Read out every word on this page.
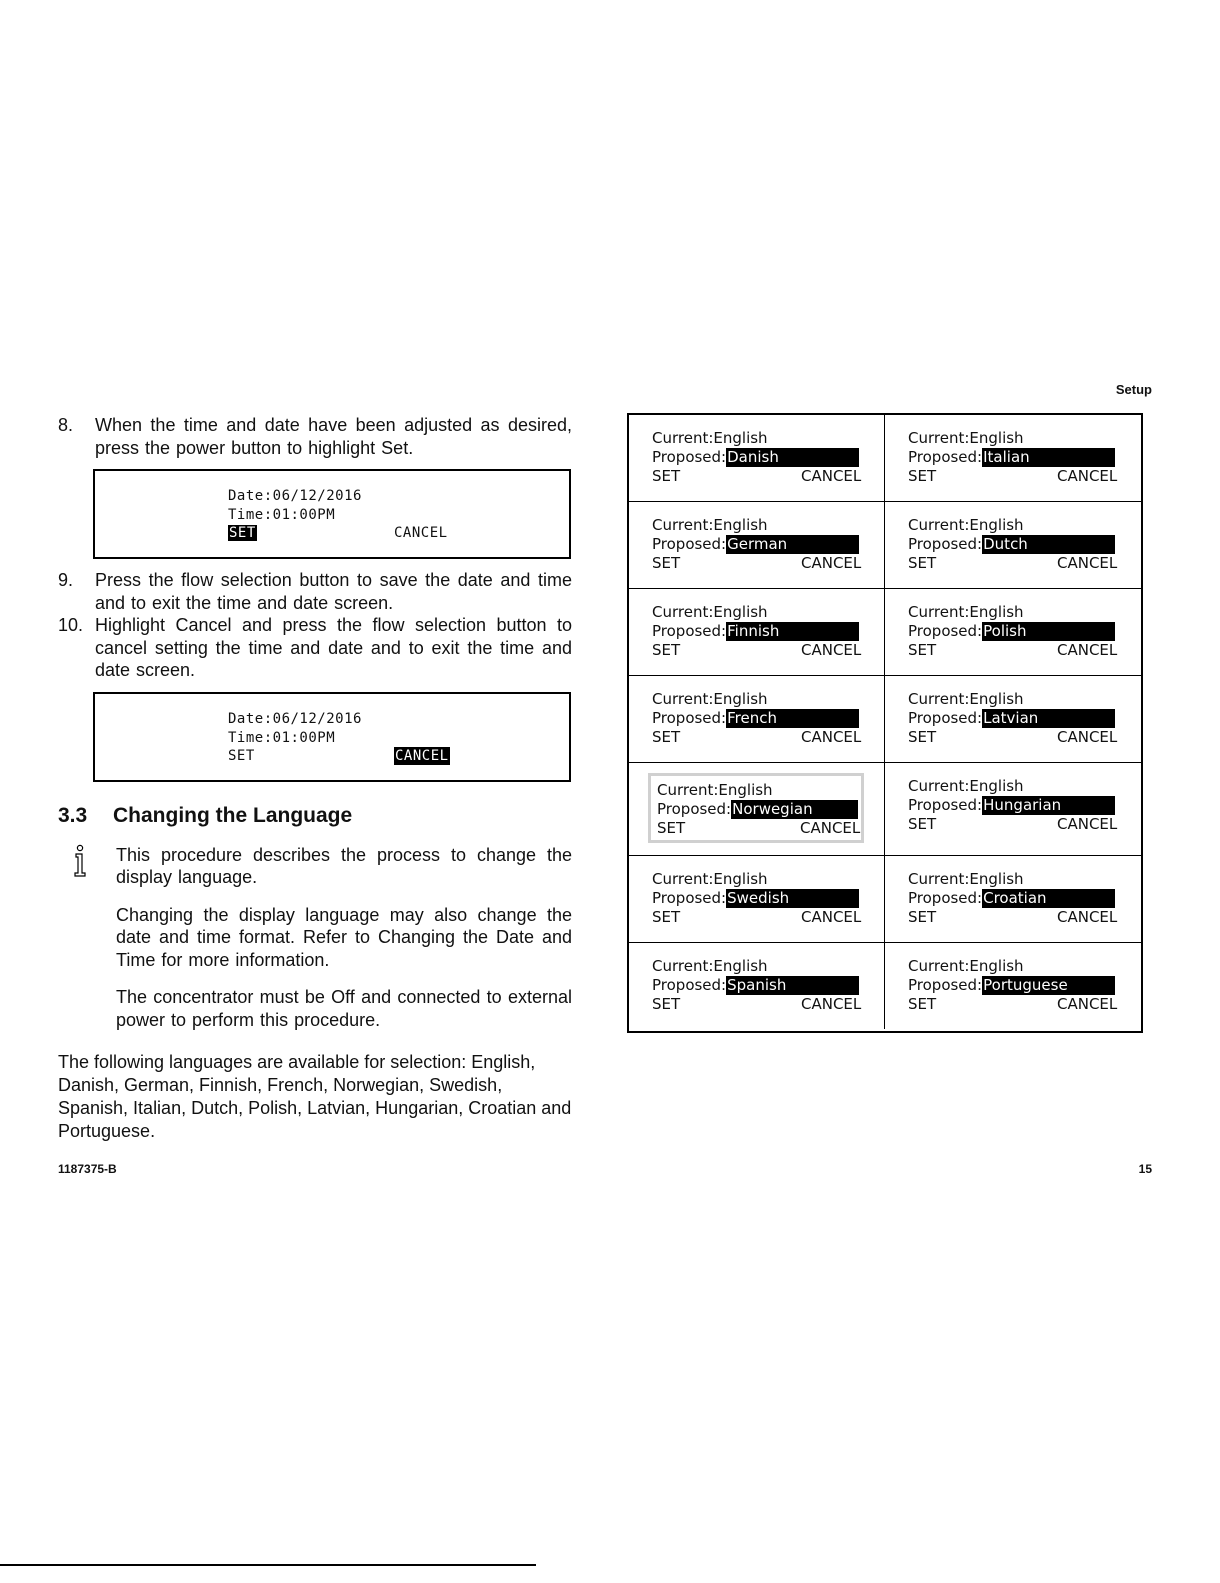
Setup
8. When the time and date have been adjusted as desired, press the power button to highlight Set.
Date:06/12/2016
Time:01:00PM
SET	CANCEL
9. Press the flow selection button to save the date and time and to exit the time and date screen.
10. Highlight Cancel and press the flow selection button to cancel setting the time and date and to exit the time and date screen.
Date:06/12/2016
Time:01:00PM
SET	CANCEL
3.3 Changing the Language

This procedure describes the process to change the display language.

Changing the display language may also change the date and time format. Refer to Changing the Date and Time for more information.

The concentrator must be Off and connected to external power to perform this procedure.

The following languages are available for selection: English, Danish, German, Finnish, French, Norwegian, Swedish, Spanish, Italian, Dutch, Polish, Latvian, Hungarian, Croatian and Portuguese.
Current:English
Proposed:Danish
SET	CANCEL
Current:English
Proposed:Italian
SET	CANCEL
Current:English
Proposed:German
SET	CANCEL
Current:English
Proposed:Dutch
SET	CANCEL
Current:English
Proposed:Finnish
SET	CANCEL
Current:English
Proposed:Polish
SET	CANCEL
Current:English
Proposed:French
SET	CANCEL
Current:English
Proposed:Latvian
SET	CANCEL
Current:English
Proposed:Norwegian
SET	CANCEL
Current:English
Proposed:Hungarian
SET	CANCEL
Current:English
Proposed:Swedish
SET	CANCEL
Current:English
Proposed:Croatian
SET	CANCEL
Current:English
Proposed:Spanish
SET	CANCEL
Current:English
Proposed:Portuguese
SET	CANCEL
1187375-B	15
